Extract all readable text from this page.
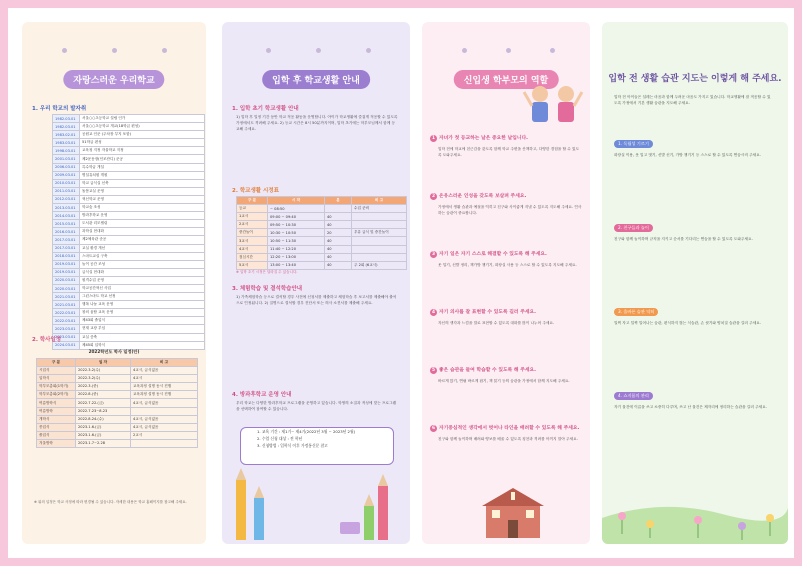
자랑스러운 우리학교
1. 우리 학교의 발자취
1982.03.01	서울○○초등학교 설립 인가
1982.03.01	서울○○초등학교 개교(18학급 편성)
1983.02.01	공원교 인준 (주차장 부지 포함)
1983.03.01	51학급 편성
1998.03.01	교육청 지정 자율학교 지정
2001.03.01	제2운동장(인조잔디) 준공
2006.03.01	특수학급 개설
2009.03.01	병설유치원 개원
2010.03.01	학교 급식실 신축
2011.03.01	돌봄교실 운영
2012.03.01	혁신학교 운영
2013.03.01	학교숲 조성
2014.03.01	방과후학교 운영
2015.03.01	도서관 리모델링
2016.03.01	과학실 현대화
2017.03.01	제2체육관 준공
2017.03.01	교실 환경 개선
2018.03.01	스마트교실 구축
2019.03.01	놀이 공간 조성
2019.03.01	급식실 현대화
2020.03.01	원격수업 운영
2020.03.01	학교공간혁신 사업
2021.03.01	그린스마트 학교 선정
2021.03.01	행복 나눔 교육 운영
2022.03.01	창의 융합 교육 운영
2022.03.01	제43회 졸업식
2023.03.01	현재 교장 부임
2023.03.01	교실 증축
2024.03.01	제45회 입학식
2. 학사일정
2022학년도 학사 일정(안)
구 분	일 자	비 고
시업식	2022.3.2(수)	4교시, 급식없음
입학식	2022.3.2(수)	4교시
학부모총회(1학기)	2022.3.(중)	교육과정 설명 동시 진행
학부모총회(2학기)	2022.8.(중)	교육과정 설명 동시 진행
여름방학식	2022.7.22.(금)	4교시, 급식없음
여름방학	2022.7.23~8.23	
개학식	2022.8.24.(수)	4교시, 급식없음
종업식	2023.1.6.(금)	4교시, 급식없음
졸업식	2023.1.6.(금)	2교시
겨울방학	2023.1.7~2.28	
※ 위의 일정은 학교 사정에 따라 변경될 수 있습니다. 자세한 내용은 학교 홈페이지를 참고해 주세요.
입학 후 학교생활 안내
1. 입학 초기 학교생활 안내
1) 입학 후 일정 기간 동안 학교 적응 활동을 운영합니다. 아이가 학교생활에 즐겁게 적응할 수 있도록 가정에서도 격려해 주세요. 2) 등교 시간은 8시 50분까지이며, 입학 초기에는 학부모님께서 함께 등교해 주세요.
2. 학교생활 시정표
구 분	시 작	분	비 고
등교	~ 08:50		수업 준비
1교시	09:00 ~ 09:40	40	
2교시	09:50 ~ 10:30	40	
중간놀이	10:30 ~ 10:50	20	우유 급식 및 중간놀이
3교시	10:50 ~ 11:30	40	
4교시	11:40 ~ 12:20	40	
점심시간	12:20 ~ 13:00	40	
5교시	13:00 ~ 13:40	40	주 2회 (6교시)
※ 입학 초기 시정은 달라질 수 있습니다.
3. 체험학습 및 결석학습안내
1) 가족체험학습 등으로 결석할 경우 사전에 신청서를 제출하고 체험학습 후 보고서를 제출해야 출석으로 인정됩니다. 2) 질병으로 결석할 경우 진단서 또는 의사 소견서를 제출해 주세요.
4. 방과후학교 운영 안내
우리 학교는 다양한 방과후학교 프로그램을 운영하고 있습니다. 학생의 소질과 적성에 맞는 프로그램을 선택하여 참여할 수 있습니다.
1. 교육 기간 : 제1기~ 제4기(2022년 3월 ~ 2023년 2월)
2. 수업 신청 대상 : 전 학년
3. 신청방법 : 입학식 이후 가정통신문 참고
신입생 학부모의 역할
1 자녀가 첫 등교하는 날은 중요한 날입니다.
2 온유스러운 인성을 갖도록 보살펴 주세요.
3 자기 일은 자기 스스로 해결할 수 있도록 해 주세요.
4 자기 의사를 잘 표현할 수 있도록 길러 주세요.
5 좋은 습관을 들여 학습할 수 있도록 해 주세요.
6 자기중심적인 생각에서 벗어나 타인을 배려할 수 있도록 해 주세요.
입학 전에 학교에 친근감을 갖도록 함께 학교 주변을 산책하고, 다양한 경험을 할 수 있도록 도와주세요.
가정에서 생활 습관과 예절을 익히고 친구와 사이좋게 지낼 수 있도록 지도해 주세요. 인사하는 습관이 중요합니다.
옷 입기, 신발 정리, 책가방 챙기기, 화장실 사용 등 스스로 할 수 있도록 지도해 주세요.
자신의 생각과 느낌을 말로 표현할 수 있도록 대화를 많이 나누어 주세요.
바르게 앉기, 연필 바르게 잡기, 책 읽기 등의 습관을 가정에서 함께 지도해 주세요.
친구와 함께 놀이하며 배려와 양보를 배울 수 있도록 칭찬과 격려를 아끼지 말아 주세요.
입학 전 생활 습관 지도는 이렇게 해 주세요.
입학 전 아이들은 설레는 마음과 함께 두려운 마음도 가지고 있습니다. 학교생활에 잘 적응할 수 있도록 가정에서 기본 생활 습관을 지도해 주세요.
1. 독립성 기르기
화장실 이용, 옷 입고 벗기, 신발 신기, 가방 챙기기 등 스스로 할 수 있도록 연습시켜 주세요.
2. 친구들과 놀이
친구와 함께 놀이하며 규칙을 지키고 순서를 기다리는 연습을 할 수 있도록 도와주세요.
3. 올바른 습관 익히
일찍 자고 일찍 일어나는 습관, 편식하지 않는 식습관, 손 씻기와 양치질 습관을 길러 주세요.
4. 쇼지품의 관리
자기 물건에 이름을 쓰고 소중히 다루며, 쓰고 난 물건은 제자리에 정리하는 습관을 길러 주세요.
